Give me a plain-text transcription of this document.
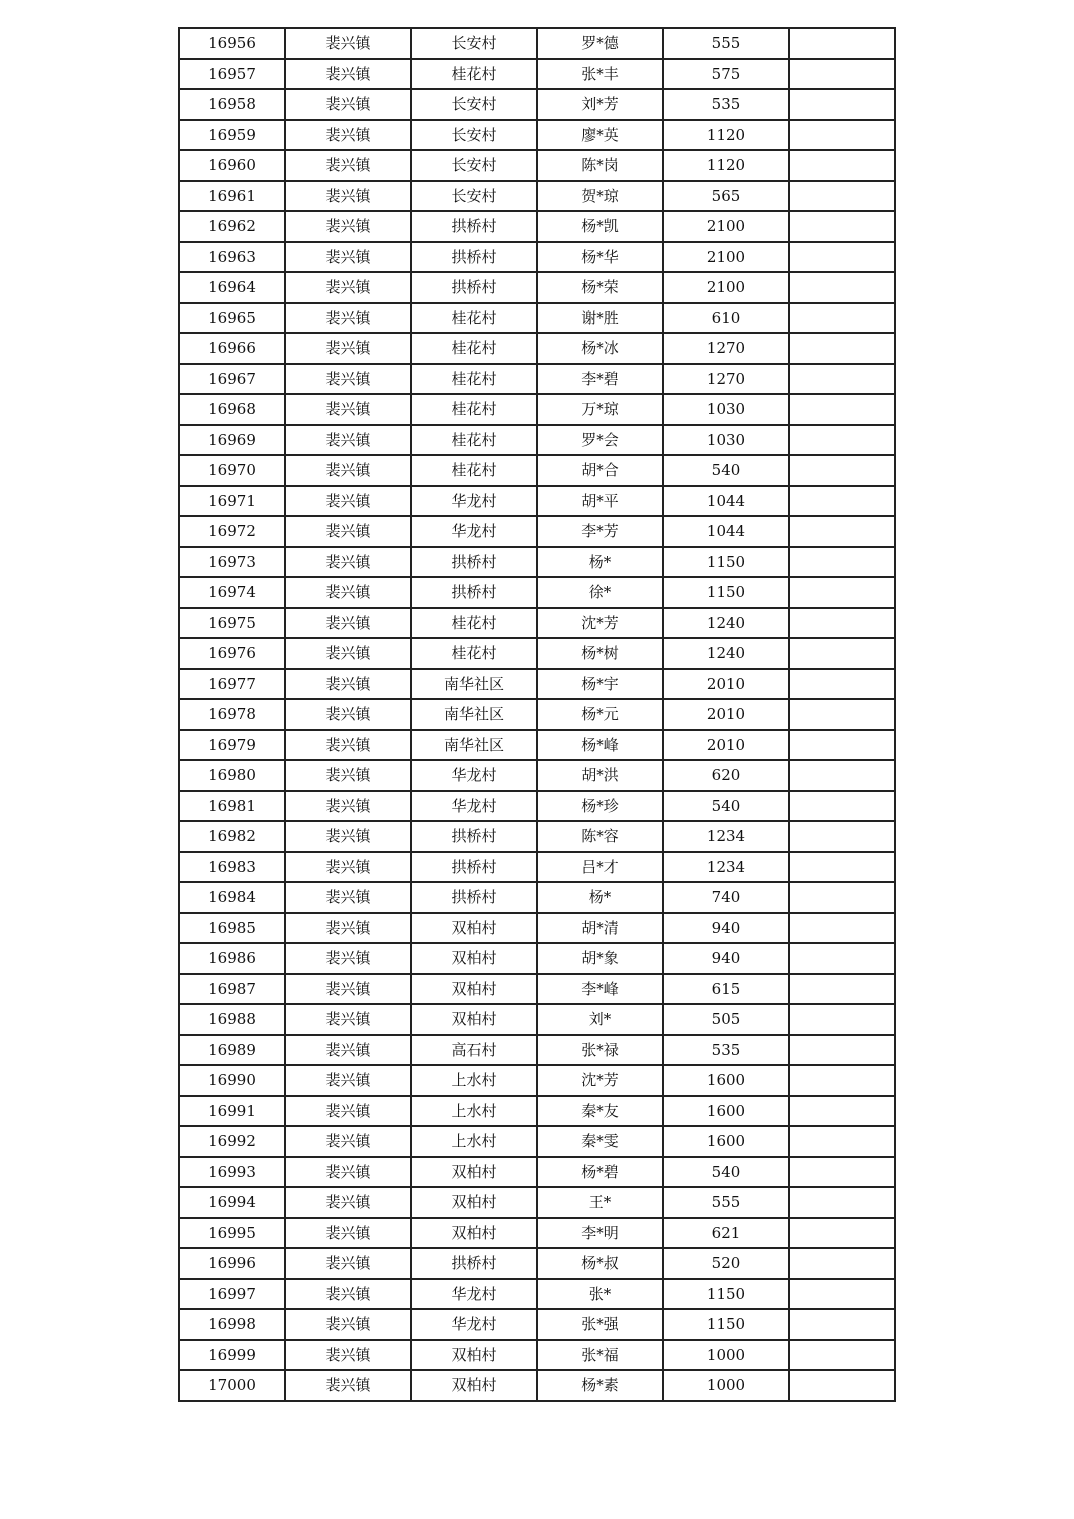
16956	裴兴镇	长安村	罗*德	555	
16957	裴兴镇	桂花村	张*丰	575	
16958	裴兴镇	长安村	刘*芳	535	
16959	裴兴镇	长安村	廖*英	1120	
16960	裴兴镇	长安村	陈*岗	1120	
16961	裴兴镇	长安村	贺*琼	565	
16962	裴兴镇	拱桥村	杨*凯	2100	
16963	裴兴镇	拱桥村	杨*华	2100	
16964	裴兴镇	拱桥村	杨*荣	2100	
16965	裴兴镇	桂花村	谢*胜	610	
16966	裴兴镇	桂花村	杨*冰	1270	
16967	裴兴镇	桂花村	李*碧	1270	
16968	裴兴镇	桂花村	万*琼	1030	
16969	裴兴镇	桂花村	罗*会	1030	
16970	裴兴镇	桂花村	胡*合	540	
16971	裴兴镇	华龙村	胡*平	1044	
16972	裴兴镇	华龙村	李*芳	1044	
16973	裴兴镇	拱桥村	杨*	1150	
16974	裴兴镇	拱桥村	徐*	1150	
16975	裴兴镇	桂花村	沈*芳	1240	
16976	裴兴镇	桂花村	杨*树	1240	
16977	裴兴镇	南华社区	杨*宇	2010	
16978	裴兴镇	南华社区	杨*元	2010	
16979	裴兴镇	南华社区	杨*峰	2010	
16980	裴兴镇	华龙村	胡*洪	620	
16981	裴兴镇	华龙村	杨*珍	540	
16982	裴兴镇	拱桥村	陈*容	1234	
16983	裴兴镇	拱桥村	吕*才	1234	
16984	裴兴镇	拱桥村	杨*	740	
16985	裴兴镇	双柏村	胡*清	940	
16986	裴兴镇	双柏村	胡*象	940	
16987	裴兴镇	双柏村	李*峰	615	
16988	裴兴镇	双柏村	刘*	505	
16989	裴兴镇	高石村	张*禄	535	
16990	裴兴镇	上水村	沈*芳	1600	
16991	裴兴镇	上水村	秦*友	1600	
16992	裴兴镇	上水村	秦*雯	1600	
16993	裴兴镇	双柏村	杨*碧	540	
16994	裴兴镇	双柏村	王*	555	
16995	裴兴镇	双柏村	李*明	621	
16996	裴兴镇	拱桥村	杨*叔	520	
16997	裴兴镇	华龙村	张*	1150	
16998	裴兴镇	华龙村	张*强	1150	
16999	裴兴镇	双柏村	张*福	1000	
17000	裴兴镇	双柏村	杨*素	1000	
